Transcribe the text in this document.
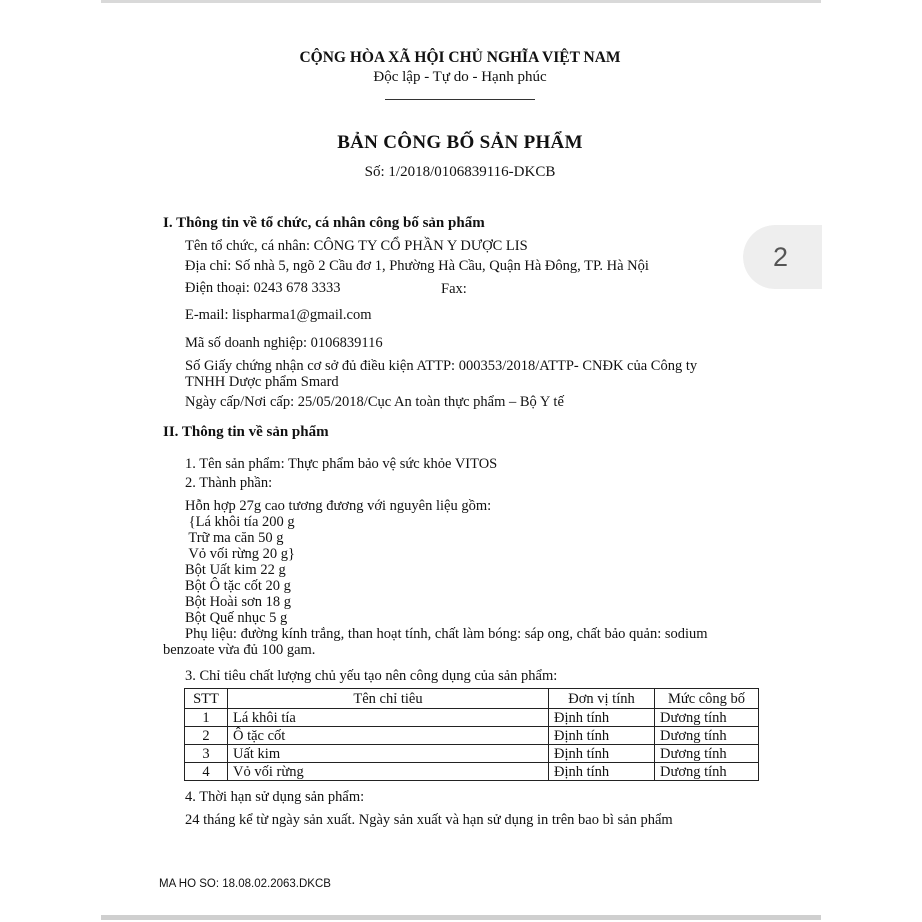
2
CỘNG HÒA XÃ HỘI CHỦ NGHĨA VIỆT NAM
Độc lập - Tự do - Hạnh phúc
BẢN CÔNG BỐ SẢN PHẨM
Số: 1/2018/0106839116-DKCB
I. Thông tin về tổ chức, cá nhân công bố sản phẩm
Tên tổ chức, cá nhân: CÔNG TY CỔ PHẦN Y DƯỢC LIS
Địa chỉ: Số nhà 5, ngõ 2 Cầu đơ 1, Phường Hà Cầu, Quận Hà Đông, TP. Hà Nội
Điện thoại: 0243 678 3333	Fax:
E-mail: lispharma1@gmail.com
Mã số doanh nghiệp: 0106839116
Số Giấy chứng nhận cơ sở đủ điều kiện ATTP: 000353/2018/ATTP- CNĐK của Công ty
TNHH Dược phẩm Smard
Ngày cấp/Nơi cấp: 25/05/2018/Cục An toàn thực phẩm – Bộ Y tế
II. Thông tin về sản phẩm
1. Tên sản phẩm: Thực phẩm bảo vệ sức khỏe VITOS
2. Thành phần:
Hỗn hợp 27g cao tương đương với nguyên liệu gồm:
{Lá khôi tía 200 g
Trữ ma căn 50 g
Vỏ vối rừng 20 g}
Bột Uất kim 22 g
Bột Ô tặc cốt 20 g
Bột Hoài sơn 18 g
Bột Quế nhục 5 g
Phụ liệu: đường kính trắng, than hoạt tính, chất làm bóng: sáp ong, chất bảo quản: sodium
benzoate vừa đủ 100 gam.
3. Chỉ tiêu chất lượng chủ yếu tạo nên công dụng của sản phẩm:
STT	Tên chỉ tiêu	Đơn vị tính	Mức công bố
1	Lá khôi tía	Định tính	Dương tính
2	Ô tặc cốt	Định tính	Dương tính
3	Uất kim	Định tính	Dương tính
4	Vỏ vối rừng	Định tính	Dương tính
4. Thời hạn sử dụng sản phẩm:
24 tháng kể từ ngày sản xuất. Ngày sản xuất và hạn sử dụng in trên bao bì sản phẩm
MA HO SO: 18.08.02.2063.DKCB
